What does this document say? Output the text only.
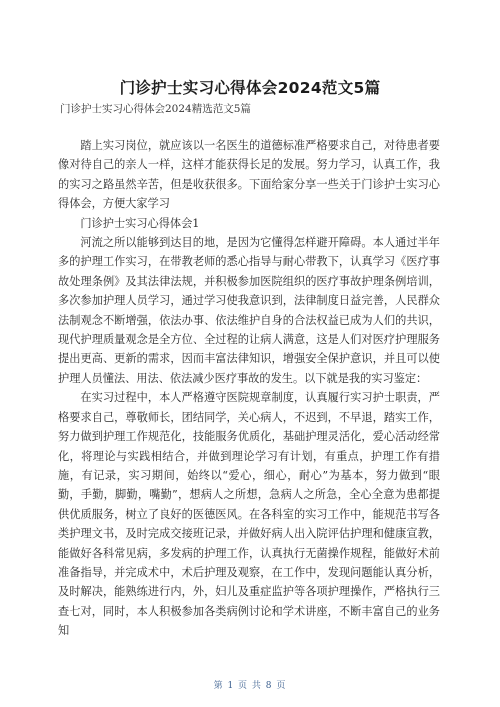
门诊护士实习心得体会2024范文5篇
门诊护士实习心得体会2024精选范文5篇

踏上实习岗位，就应该以一名医生的道德标准严格要求自己，对待患者要像对待自己的亲人一样，这样才能获得长足的发展。努力学习，认真工作，我的实习之路虽然辛苦，但是收获很多。下面给家分享一些关于门诊护士实习心得体会，方便大家学习

门诊护士实习心得体会1

河流之所以能够到达目的地，是因为它懂得怎样避开障碍。本人通过半年多的护理工作实习，在带教老师的悉心指导与耐心带教下，认真学习《医疗事故处理条例》及其法律法规，并积极参加医院组织的医疗事故护理条例培训，多次参加护理人员学习，通过学习使我意识到，法律制度日益完善，人民群众法制观念不断增强，依法办事、依法维护自身的合法权益已成为人们的共识，现代护理质量观念是全方位、全过程的让病人满意，这是人们对医疗护理服务提出更高、更新的需求，因而丰富法律知识，增强安全保护意识，并且可以使护理人员懂法、用法、依法减少医疗事故的发生。以下就是我的实习鉴定：

在实习过程中，本人严格遵守医院规章制度，认真履行实习护士职责，严格要求自己，尊敬师长，团结同学，关心病人，不迟到，不早退，踏实工作，努力做到护理工作规范化，技能服务优质化，基础护理灵活化，爱心活动经常化，将理论与实践相结合，并做到理论学习有计划，有重点，护理工作有措施，有记录，实习期间，始终以“爱心，细心，耐心”为基本，努力做到“眼勤，手勤，脚勤，嘴勤”，想病人之所想，急病人之所急，全心全意为患都提供优质服务，树立了良好的医德医风。在各科室的实习工作中，能规范书写各类护理文书，及时完成交接班记录，并做好病人出入院评估护理和健康宣教，能做好各科常见病，多发病的护理工作，认真执行无菌操作规程，能做好术前准备指导，并完成术中，术后护理及观察，在工作中，发现问题能认真分析，及时解决，能熟练进行内，外，妇儿及重症监护等各项护理操作，严格执行三查七对，同时，本人积极参加各类病例讨论和学术讲座，不断丰富自己的业务知

第 1 页 共 8 页
